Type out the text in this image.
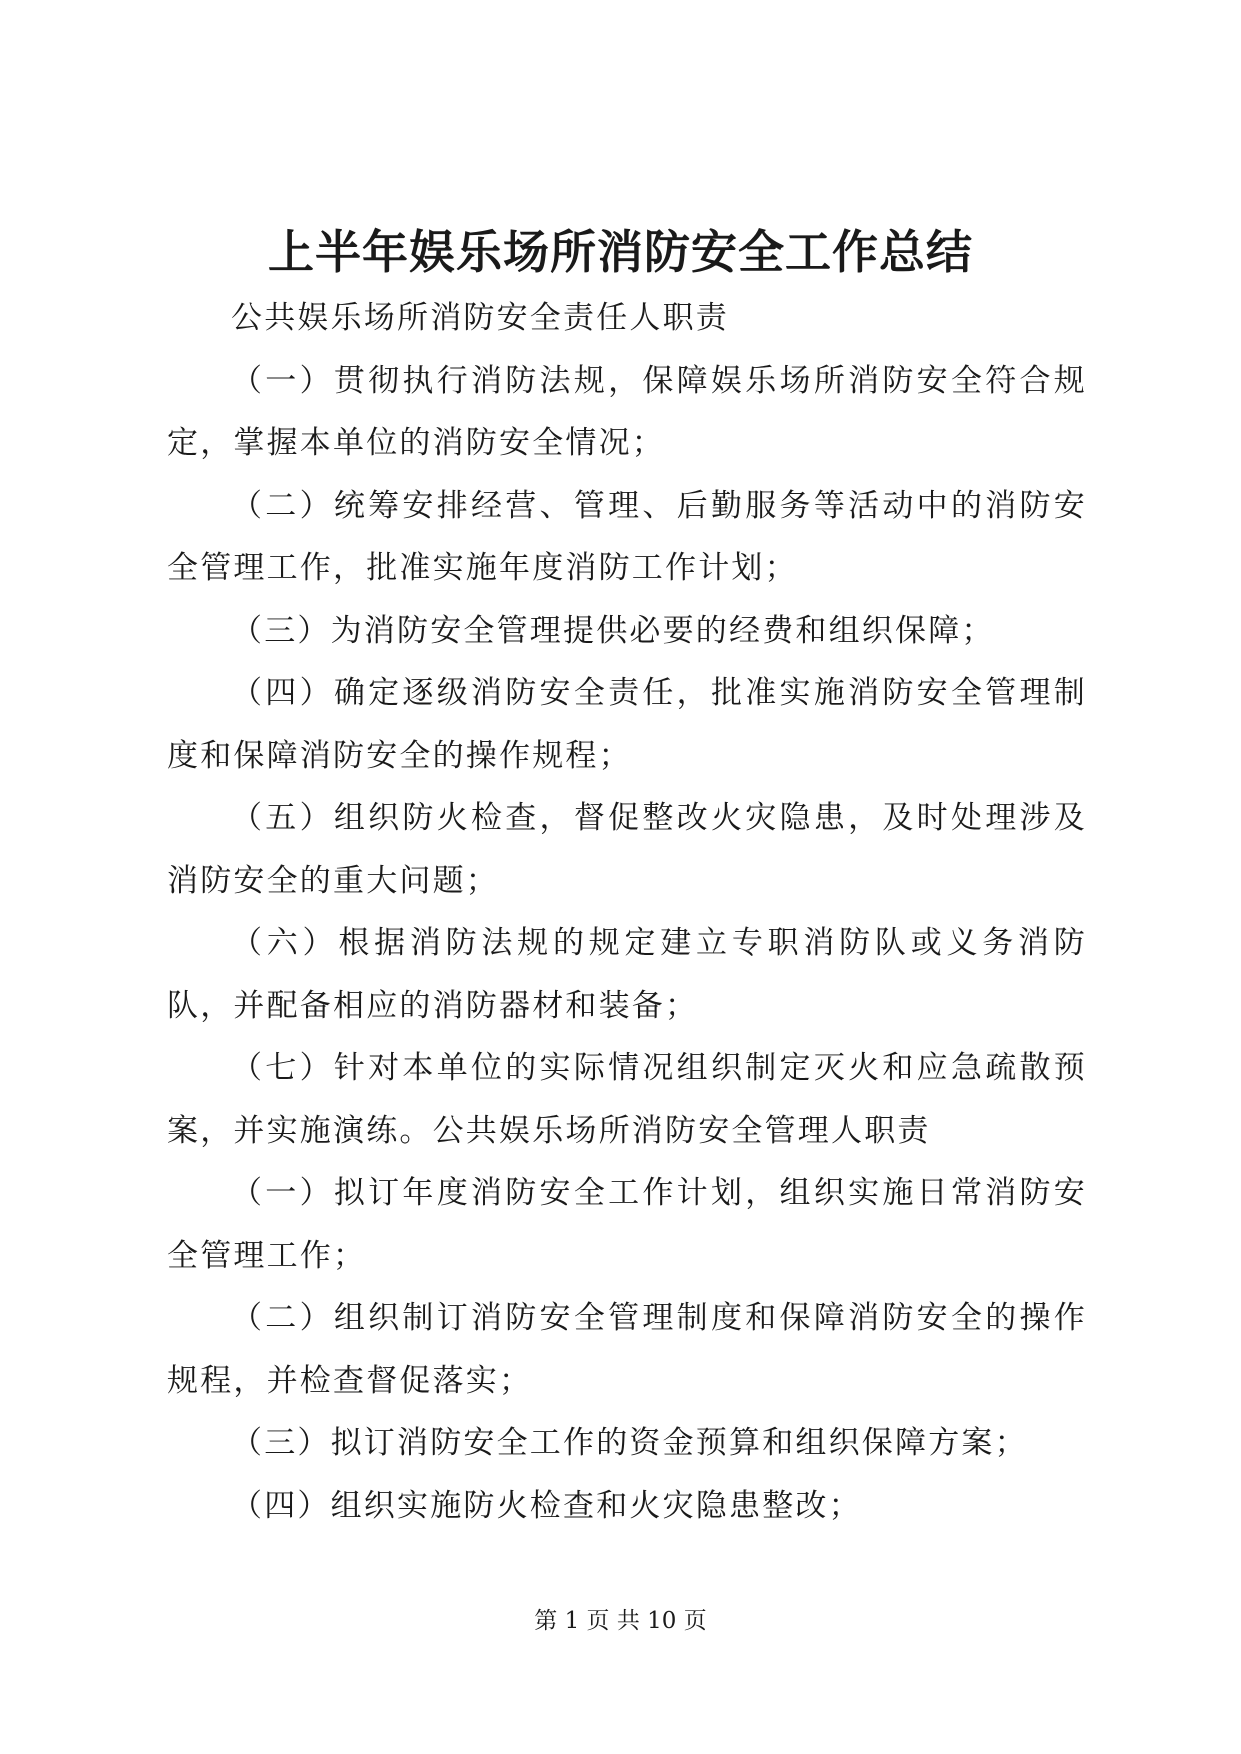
上半年娱乐场所消防安全工作总结

公共娱乐场所消防安全责任人职责

（一）贯彻执行消防法规，保障娱乐场所消防安全符合规定，掌握本单位的消防安全情况；

（二）统筹安排经营、管理、后勤服务等活动中的消防安全管理工作，批准实施年度消防工作计划；

（三）为消防安全管理提供必要的经费和组织保障；

（四）确定逐级消防安全责任，批准实施消防安全管理制度和保障消防安全的操作规程；

（五）组织防火检查，督促整改火灾隐患，及时处理涉及消防安全的重大问题；

（六）根据消防法规的规定建立专职消防队或义务消防队，并配备相应的消防器材和装备；

（七）针对本单位的实际情况组织制定灭火和应急疏散预案，并实施演练。公共娱乐场所消防安全管理人职责

（一）拟订年度消防安全工作计划，组织实施日常消防安全管理工作；

（二）组织制订消防安全管理制度和保障消防安全的操作规程，并检查督促落实；

（三）拟订消防安全工作的资金预算和组织保障方案；

（四）组织实施防火检查和火灾隐患整改；

第 1 页 共 10 页
